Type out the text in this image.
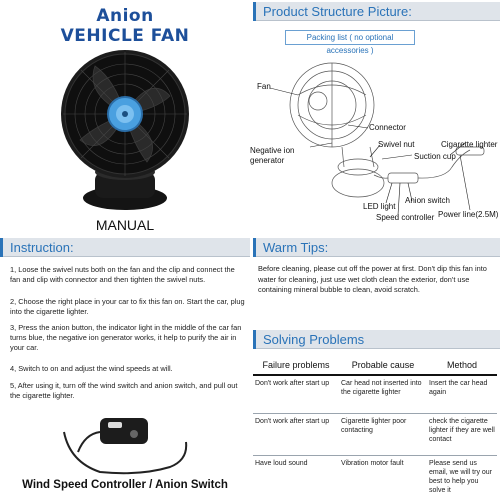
Anion
VEHICLE FAN
MANUAL
Product Structure Picture:
Packing list ( no optional accessories )
Fan
Connector
Swivel nut	Cigarette lighter
Suction cup
Negative ion
generator
LED light
Anion switch
Speed controller Power line(2.5M)
Instruction:
1, Loose the swivel nuts both on the fan and the clip and connect the fan and clip with connector and then tighten the swivel nuts.
2, Choose the right place in your car to fix this fan on. Start the car, plug into the cigarette lighter.
3, Press the anion button, the indicator light in the middle of the car fan turns blue, the negative ion generator works, it help to purify the air in your car.
4, Switch to on and adjust the wind speeds at will.
5, After using it, turn off the wind switch and anion switch, and pull out the cigarette lighter.
Wind Speed Controller / Anion Switch
Warm Tips:
Before cleaning, please cut off the power at first. Don't dip this fan into water for cleaning, just use wet cloth clean the exterior, don't use containing mineral bubble to clean, avoid scratch.
Solving Problems
Failure problems	Probable cause	Method
Don't work after start up	Car head not inserted into the cigarette lighter	Insert the car head again
Don't work after start up	Cigarette lighter poor contacting	check the cigarette lighter if they are well contact
Have loud sound	Vibration motor fault	Please send us email, we will try our best to help you solve it
